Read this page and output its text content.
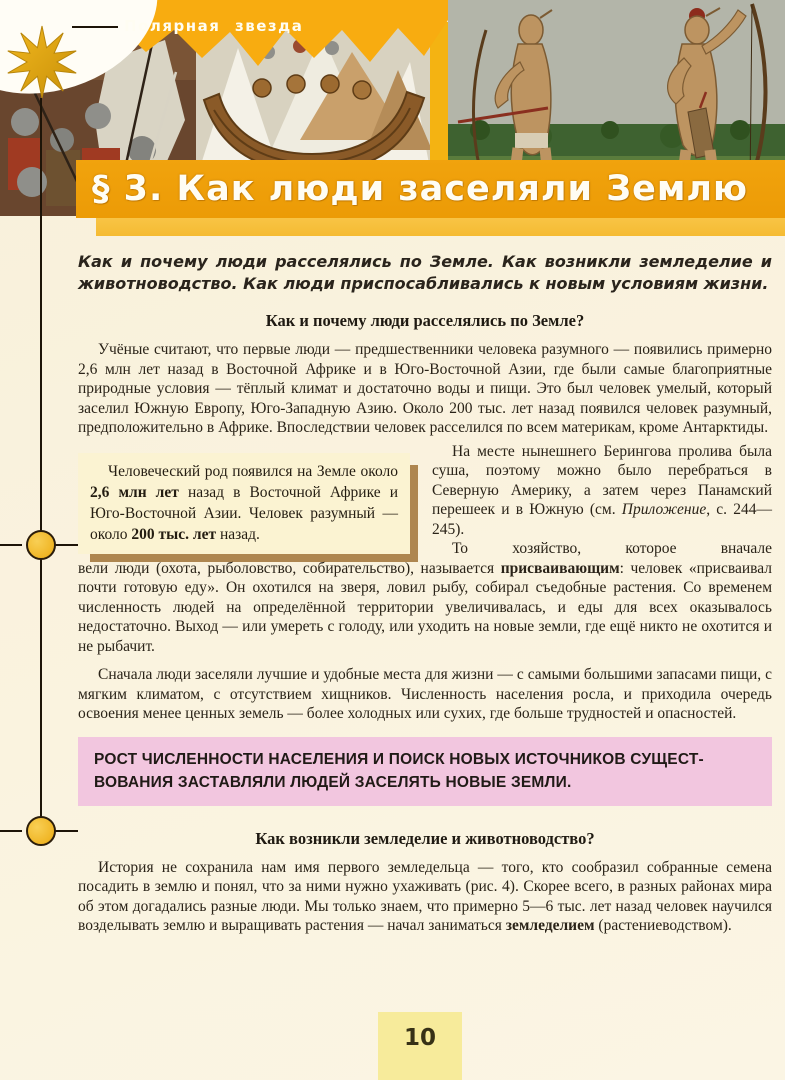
Полярная звезда
§ 3. Как люди заселяли Землю

Как и почему люди расселялись по Земле. Как возникли земледелие и животноводство. Как люди приспосабливались к новым условиям жизни.

Как и почему люди расселялись по Земле?

Учёные считают, что первые люди — предшественники человека разумного — появились примерно 2,6 млн лет назад в Восточной Африке и в Юго-Восточной Азии, где были самые благоприятные природные условия — тёплый климат и достаточно воды и пищи. Это был человек умелый, который заселил Южную Европу, Юго-Западную Азию. Около 200 тыс. лет назад появился человек разумный, предположительно в Африке. Впоследствии человек расселился по всем материкам, кроме Антарктиды.

Человеческий род появился на Земле около 2,6 млн лет назад в Восточной Африке и Юго-Восточной Азии. Человек разумный — около 200 тыс. лет назад.

На месте нынешнего Берингова пролива была суша, поэтому можно было перебраться в Северную Америку, а затем через Панамский перешеек и в Южную (см. Приложение, с. 244—245).

То хозяйство, которое вначале

вели люди (охота, рыболовство, собирательство), называется присваивающим: человек «присваивал почти готовую еду». Он охотился на зверя, ловил рыбу, собирал съедобные растения. Со временем численность людей на определённой территории увеличивалась, и еды для всех оказывалось недостаточно. Выход — или умереть с голоду, или уходить на новые земли, где ещё никто не охотится и не рыбачит.

Сначала люди заселяли лучшие и удобные места для жизни — с самыми большими запасами пищи, с мягким климатом, с отсутствием хищников. Численность населения росла, и приходила очередь освоения менее ценных земель — более холодных или сухих, где больше трудностей и опасностей.

РОСТ ЧИСЛЕННОСТИ НАСЕЛЕНИЯ И ПОИСК НОВЫХ ИСТОЧНИКОВ СУЩЕСТ-
ВОВАНИЯ ЗАСТАВЛЯЛИ ЛЮДЕЙ ЗАСЕЛЯТЬ НОВЫЕ ЗЕМЛИ.
Как возникли земледелие и животноводство?

История не сохранила нам имя первого земледельца — того, кто сообразил собранные семена посадить в землю и понял, что за ними нужно ухаживать (рис. 4). Скорее всего, в разных районах мира об этом догадались разные люди. Мы только знаем, что примерно 5—6 тыс. лет назад человек научился возделывать землю и выращивать растения — начал заниматься земледелием (растениеводством).

10
